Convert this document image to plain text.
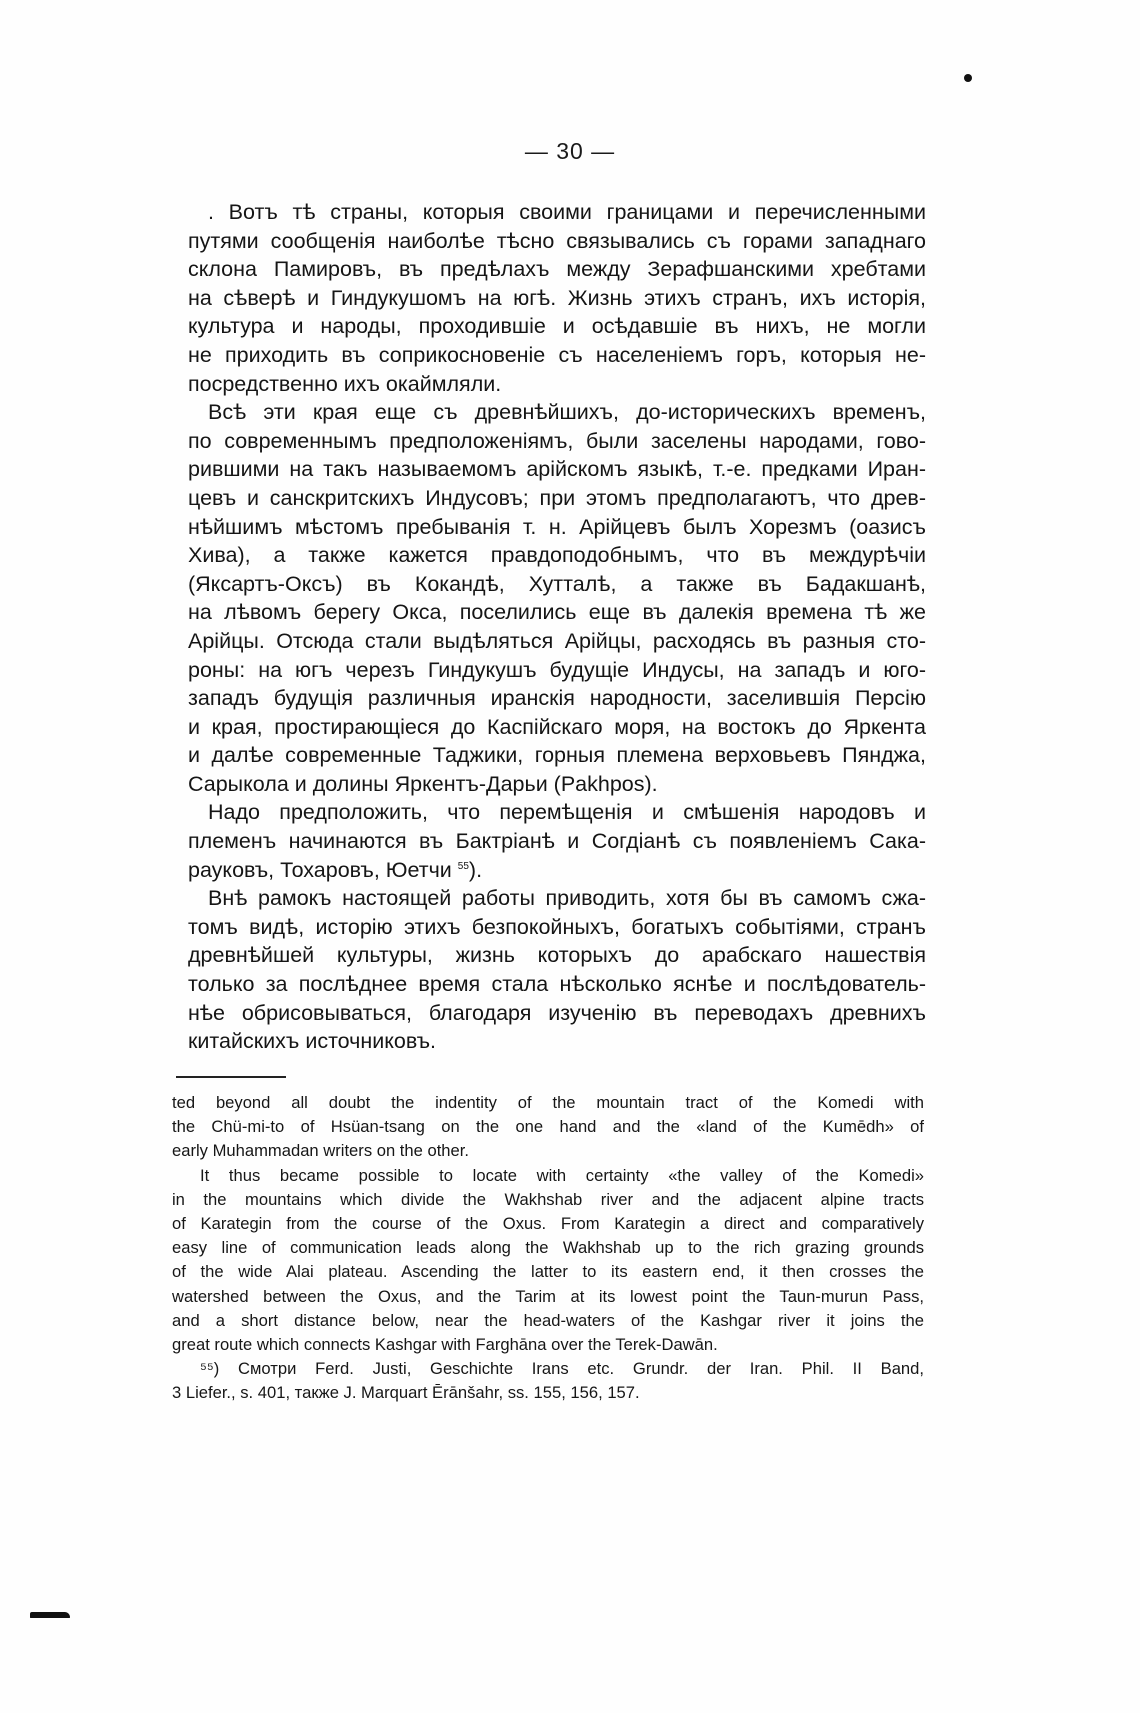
— 30 —
. Вотъ тѣ страны, которыя своими границами и перечисленными
путями сообщенія наиболѣе тѣсно связывались съ горами западнаго
склона Памировъ, въ предѣлахъ между Зерафшанскими хребтами
на сѣверѣ и Гиндукушомъ на югѣ. Жизнь этихъ странъ, ихъ исторія,
культура и народы, проходившіе и осѣдавшіе въ нихъ, не могли
не приходить въ соприкосновеніе съ населеніемъ горъ, которыя не-
посредственно ихъ окаймляли.
Всѣ эти края еще съ древнѣйшихъ, до-историческихъ временъ,
по современнымъ предположеніямъ, были заселены народами, гово-
рившими на такъ называемомъ арійскомъ языкѣ, т.-е. предками Иран-
цевъ и санскритскихъ Индусовъ; при этомъ предполагаютъ, что древ-
нѣйшимъ мѣстомъ пребыванія т. н. Арійцевъ былъ Хорезмъ (оазисъ
Хива), а также кажется правдоподобнымъ, что въ междурѣчіи
(Яксартъ-Оксъ) въ Кокандѣ, Хутталѣ, а также въ Бадакшанѣ,
на лѣвомъ берегу Окса, поселились еще въ далекія времена тѣ же
Арійцы. Отсюда стали выдѣляться Арійцы, расходясь въ разныя сто-
роны: на югъ черезъ Гиндукушъ будущіе Индусы, на западъ и юго-
западъ будущія различныя иранскія народности, заселившія Персію
и края, простирающіеся до Каспійскаго моря, на востокъ до Яркента
и далѣе современные Таджики, горныя племена верховьевъ Пянджа,
Сарыкола и долины Яркентъ-Дарьи (Pakhpos).
Надо предположить, что перемѣщенія и смѣшенія народовъ и
племенъ начинаются въ Бактріанѣ и Согдіанѣ съ появленіемъ Сака-
рауковъ, Тохаровъ, Юетчи $^{55}$).
Внѣ рамокъ настоящей работы приводить, хотя бы въ самомъ сжа-
томъ видѣ, исторію этихъ безпокойныхъ, богатыхъ событіями, странъ
древнѣйшей культуры, жизнь которыхъ до арабскаго нашествія
только за послѣднее время стала нѣсколько яснѣе и послѣдователь-
нѣе обрисовываться, благодаря изученію въ переводахъ древнихъ
китайскихъ источниковъ.
ted beyond all doubt the indentity of the mountain tract of the Komedi with
the Chü-mi-to of Hsüan-tsang on the one hand and the «land of the Kumēdh» of
early Muhammadan writers on the other.
It thus became possible to locate with certainty «the valley of the Komedi»
in the mountains which divide the Wakhshab river and the adjacent alpine tracts
of Karategin from the course of the Oxus. From Karategin a direct and comparatively
easy line of communication leads along the Wakhshab up to the rich grazing grounds
of the wide Alai plateau. Ascending the latter to its eastern end, it then crosses the
watershed between the Oxus, and the Tarim at its lowest point the Taun-murun Pass,
and a short distance below, near the head-waters of the Kashgar river it joins the
great route which connects Kashgar with Farghāna over the Terek-Dawān.
⁵⁵) Смотри Ferd. Justi, Geschichte Irans etc. Grundr. der Iran. Phil. II Band,
3 Liefer., s. 401, также J. Marquart Ērānšahr, ss. 155, 156, 157.
